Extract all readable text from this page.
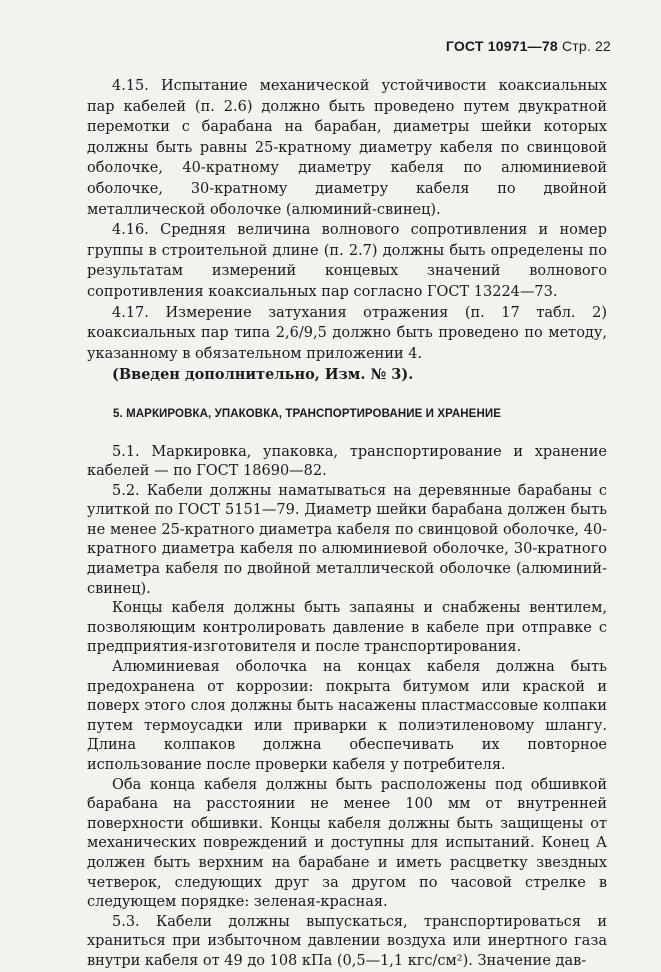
ГОСТ 10971—78 Стр. 22

4.15. Испытание механической устойчивости коаксиальных пар кабелей (п. 2.6) должно быть проведено путем двукратной перемотки с барабана на барабан, диаметры шейки которых должны быть равны 25-кратному диаметру кабеля по свинцовой оболочке, 40-кратному диаметру кабеля по алюминиевой оболочке, 30-кратному диаметру кабеля по двойной металлической оболочке (алюминий-свинец).

4.16. Средняя величина волнового сопротивления и номер группы в строительной длине (п. 2.7) должны быть определены по результатам измерений концевых значений волнового сопротивления коаксиальных пар согласно ГОСТ 13224—73.

4.17. Измерение затухания отражения (п. 17 табл. 2) коаксиальных пар типа 2,6/9,5 должно быть проведено по методу, указанному в обязательном приложении 4.

(Введен дополнительно, Изм. № 3).

5. МАРКИРОВКА, УПАКОВКА, ТРАНСПОРТИРОВАНИЕ И ХРАНЕНИЕ

5.1. Маркировка, упаковка, транспортирование и хранение кабелей — по ГОСТ 18690—82.

5.2. Кабели должны наматываться на деревянные барабаны с улиткой по ГОСТ 5151—79. Диаметр шейки барабана должен быть не менее 25-кратного диаметра кабеля по свинцовой оболочке, 40-кратного диаметра кабеля по алюминиевой оболочке, 30-кратного диаметра кабеля по двойной металлической оболочке (алюминий-свинец).

Концы кабеля должны быть запаяны и снабжены вентилем, позволяющим контролировать давление в кабеле при отправке с предприятия-изготовителя и после транспортирования.

Алюминиевая оболочка на концах кабеля должна быть предохранена от коррозии: покрыта битумом или краской и поверх этого слоя должны быть насажены пластмассовые колпаки путем термоусадки или приварки к полиэтиленовому шлангу. Длина колпаков должна обеспечивать их повторное использование после проверки кабеля у потребителя.

Оба конца кабеля должны быть расположены под обшивкой барабана на расстоянии не менее 100 мм от внутренней поверхности обшивки. Концы кабеля должны быть защищены от механических повреждений и доступны для испытаний. Конец А должен быть верхним на барабане и иметь расцветку звездных четверок, следующих друг за другом по часовой стрелке в следующем порядке: зеленая-красная.

5.3. Кабели должны выпускаться, транспортироваться и храниться при избыточном давлении воздуха или инертного газа внутри кабеля от 49 до 108 кПа (0,5—1,1 кгс/см²). Значение дав-
